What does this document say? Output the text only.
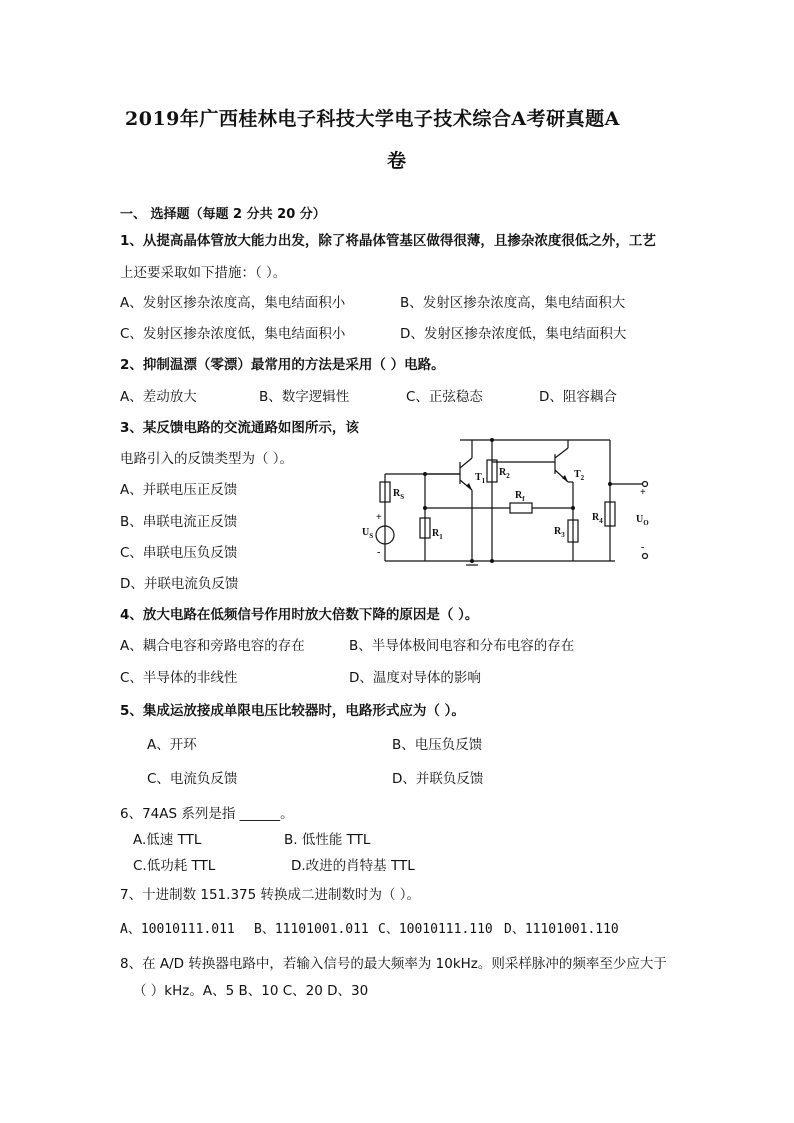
2019年广西桂林电子科技大学电子技术综合A考研真题A
卷
一、 选择题（每题 2 分共 20 分）
1、从提高晶体管放大能力出发，除了将晶体管基区做得很薄，且掺杂浓度很低之外，工艺
上还要采取如下措施：（ ）。
A、发射区掺杂浓度高，集电结面积小	B、发射区掺杂浓度高，集电结面积大
C、发射区掺杂浓度低，集电结面积小	D、发射区掺杂浓度低，集电结面积大
2、抑制温漂（零漂）最常用的方法是采用（ ）电路。
A、差动放大	B、数字逻辑性	C、正弦稳态	D、阻容耦合
3、某反馈电路的交流通路如图所示，该
电路引入的反馈类型为（ ）。
A、并联电压正反馈
B、串联电流正反馈
C、串联电压负反馈
D、并联电流负反馈
$T_1$
$R_2$
$R_f$
$T_2$
$R_S$
$R_1$	$R_3$
$R_4$
$U_S$
$U_O$
+
-
+
-
4、放大电路在低频信号作用时放大倍数下降的原因是（ ）。
A、耦合电容和旁路电容的存在	B、半导体极间电容和分布电容的存在
C、半导体的非线性	D、温度对导体的影响
5、集成运放接成单限电压比较器时，电路形式应为（ ）。
A、开环	B、电压负反馈
C、电流负反馈	D、并联负反馈
6、74AS 系列是指 ______。
A.低速 TTL	B. 低性能 TTL
C.低功耗 TTL	D.改进的肖特基 TTL
7、十进制数 151.375 转换成二进制数时为（ ）。
A、10010111.011 B、11101001.011 C、10010111.110 D、11101001.110
8、在 A/D 转换器电路中，若输入信号的最大频率为 10kHz。则采样脉冲的频率至少应大于
（ ）kHz。A、5 B、10 C、20 D、30
